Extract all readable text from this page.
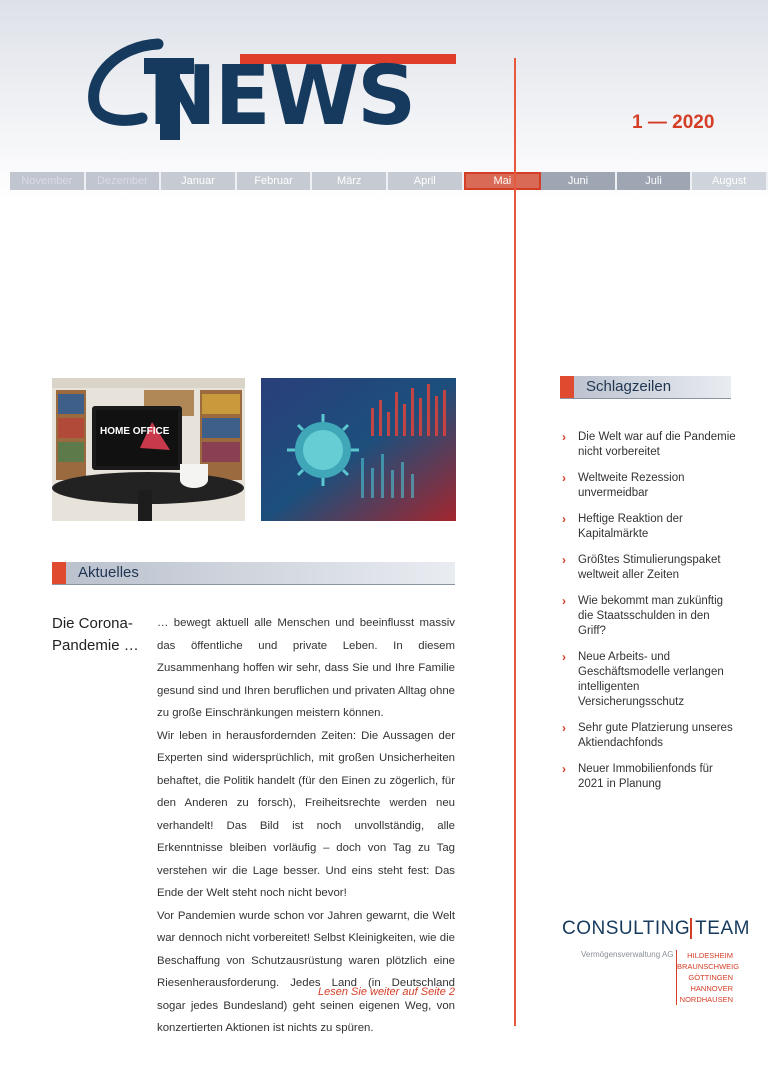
NEWS	1 — 2020
November	Dezember	Januar	Februar	März	April	Mai	Juni	Juli	August
HOME OFFICE
Aktuelles
Die Corona-Pandemie …

… bewegt aktuell alle Menschen und beeinflusst massiv das öffentliche und private Leben. In diesem Zusammenhang hoffen wir sehr, dass Sie und Ihre Familie gesund sind und Ihren beruflichen und privaten Alltag ohne zu große Einschränkungen meistern können.

Wir leben in herausfordernden Zeiten: Die Aussagen der Experten sind widersprüchlich, mit großen Unsicherheiten behaftet, die Politik handelt (für den Einen zu zögerlich, für den Anderen zu forsch), Freiheitsrechte werden neu verhandelt! Das Bild ist noch unvollständig, alle Erkenntnisse bleiben vorläufig – doch von Tag zu Tag verstehen wir die Lage besser. Und eins steht fest: Das Ende der Welt steht noch nicht bevor!

Vor Pandemien wurde schon vor Jahren gewarnt, die Welt war dennoch nicht vorbereitet! Selbst Kleinigkeiten, wie die Beschaffung von Schutzausrüstung waren plötzlich eine Riesenherausforderung. Jedes Land (in Deutschland sogar jedes Bundesland) geht seinen eigenen Weg, von konzertierten Aktionen ist nichts zu spüren.

Lesen Sie weiter auf Seite 2
Schlagzeilen
› Die Welt war auf die Pandemie nicht vorbereitet
› Weltweite Rezession unvermeidbar
› Heftige Reaktion der Kapitalmärkte
› Größtes Stimulierungspaket weltweit aller Zeiten
› Wie bekommt man zukünftig die Staatsschulden in den Griff?
› Neue Arbeits- und Geschäftsmodelle verlangen intelligenten Versicherungsschutz
› Sehr gute Platzierung unseres Aktiendachfonds
› Neuer Immobilienfonds für 2021 in Planung
CONSULTING TEAM
Vermögensverwaltung AG	HILDESHEIM
BRAUNSCHWEIG
GÖTTINGEN
HANNOVER
NORDHAUSEN
